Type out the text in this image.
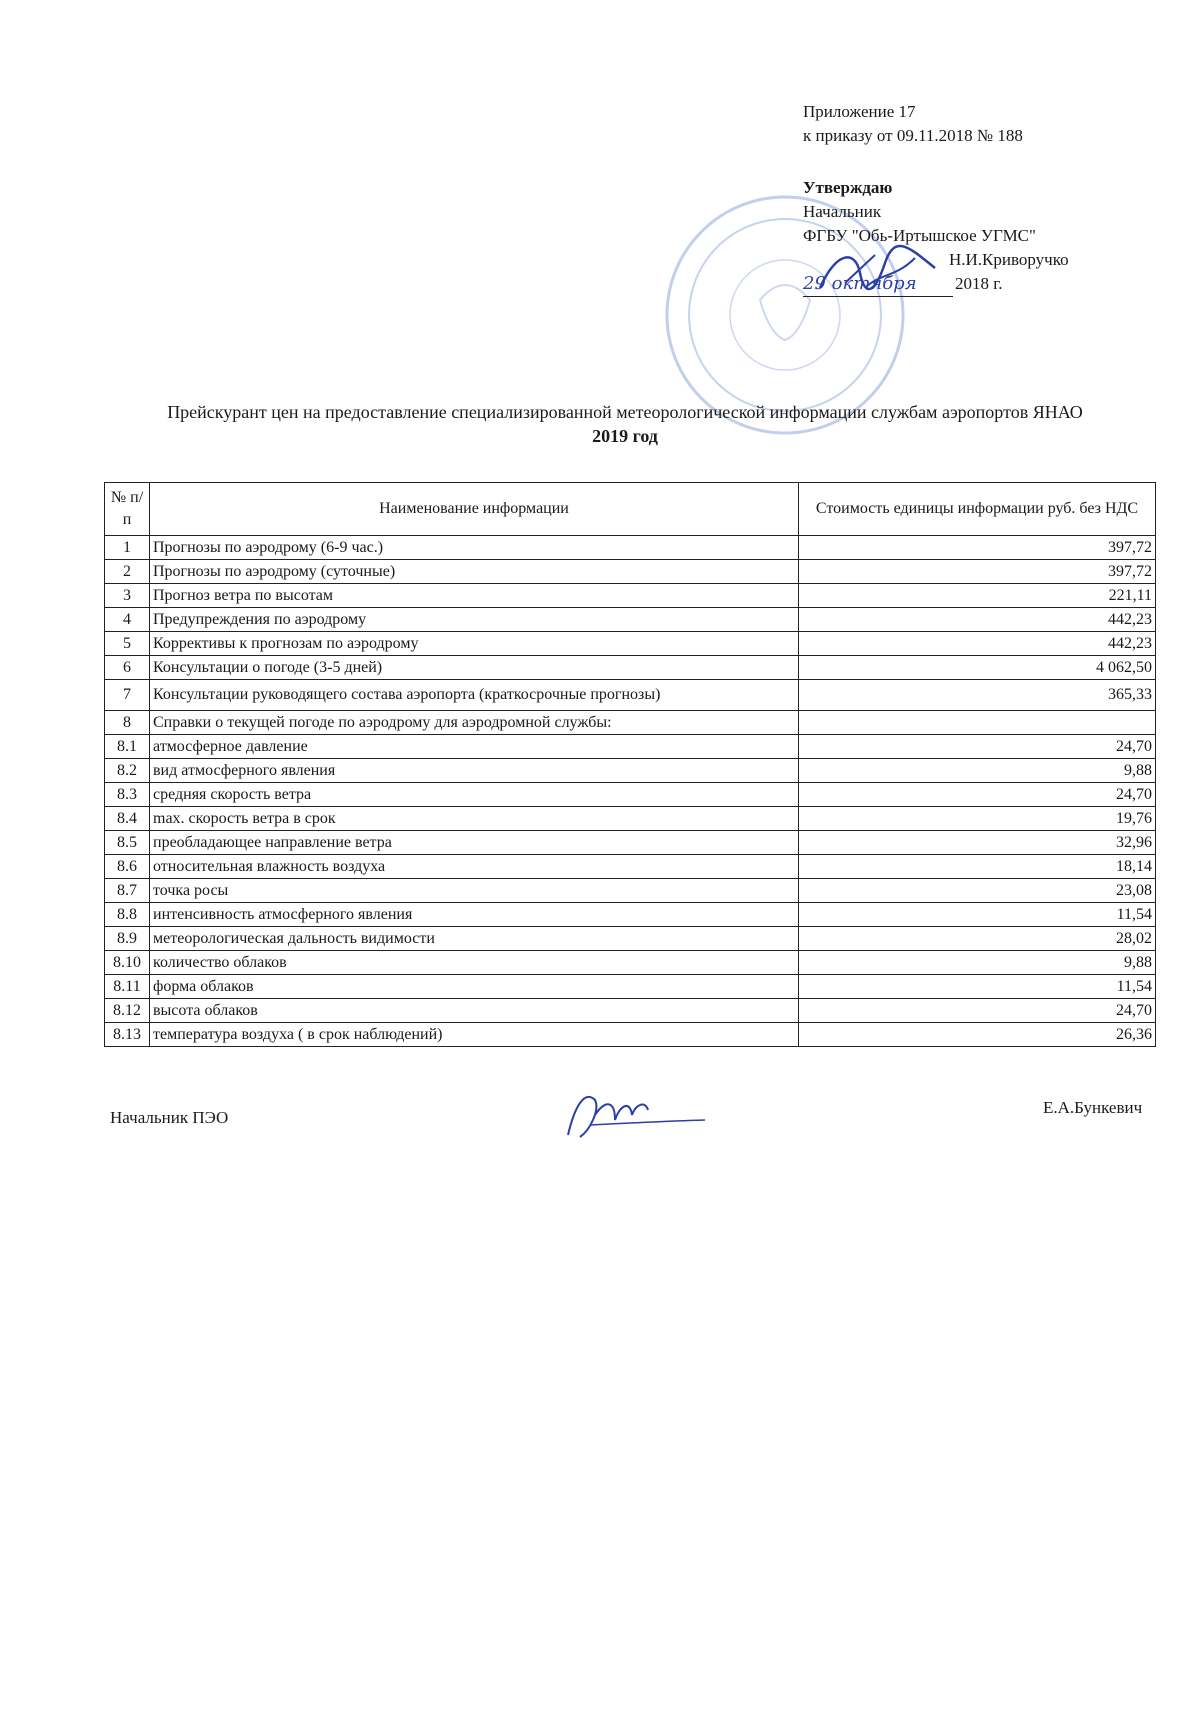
Приложение 17
к приказу от 09.11.2018 № 188
Утверждаю
Начальник
ФГБУ "Обь-Иртышское УГМС"
Н.И.Криворучко
29 октября 2018 г.
Прейскурант цен на предоставление специализированной метеорологической информации службам аэропортов ЯНАО
2019 год
№ п/п	Наименование информации	Стоимость единицы информации руб. без НДС
1	Прогнозы по аэродрому (6-9 час.)	397,72
2	Прогнозы по аэродрому (суточные)	397,72
3	Прогноз ветра по высотам	221,11
4	Предупреждения по аэродрому	442,23
5	Коррективы к прогнозам по аэродрому	442,23
6	Консультации о погоде (3-5 дней)	4 062,50
7	Консультации руководящего состава аэропорта (краткосрочные прогнозы)	365,33
8	Справки о текущей погоде по аэродрому для аэродромной службы:	
8.1	атмосферное давление	24,70
8.2	вид атмосферного явления	9,88
8.3	средняя скорость ветра	24,70
8.4	max. скорость ветра в срок	19,76
8.5	преобладающее направление ветра	32,96
8.6	относительная влажность воздуха	18,14
8.7	точка росы	23,08
8.8	интенсивность атмосферного явления	11,54
8.9	метеорологическая дальность видимости	28,02
8.10	количество облаков	9,88
8.11	форма облаков	11,54
8.12	высота облаков	24,70
8.13	температура воздуха ( в срок наблюдений)	26,36
Начальник ПЭО
Е.А.Бункевич
